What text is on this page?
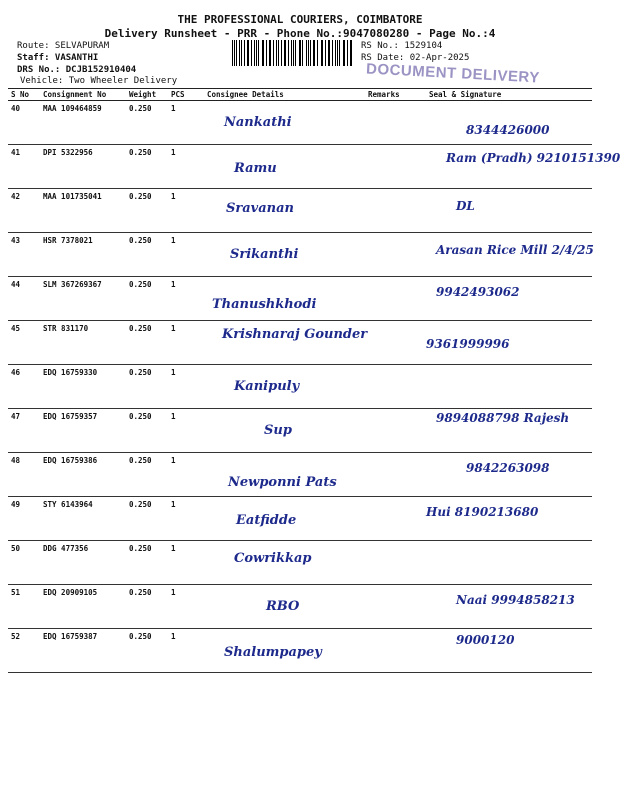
THE PROFESSIONAL COURIERS, COIMBATORE
Delivery Runsheet - PRR - Phone No.:9047080280 - Page No.:4
Route: SELVAPURAM
Staff: VASANTHI
DRS No.: DCJB152910404
Vehicle: Two Wheeler Delivery
RS No.: 1529104
RS Date: 02-Apr-2025
DOCUMENT DELIVERY
S No	Consignment No	Weight	PCS	Consignee Details	Remarks	Seal & Signature
40	MAA 109464859	0.250	1	Nankathi		8344426000

41	DPI 5322956	0.250	1	Ramu		Ram (Pradh) 9210151390

42	MAA 101735041	0.250	1	Sravanan		DL

43	HSR 7378021	0.250	1	Srikanthi		Arasan Rice Mill 2/4/25

44	SLM 367269367	0.250	1	Thanushkhodi		9942493062

45	STR 831170	0.250	1	Krishnaraj Gounder		9361999996

46	EDQ 16759330	0.250	1	Kanipuly		

47	EDQ 16759357	0.250	1	Sup		9894088798 Rajesh

48	EDQ 16759386	0.250	1	Newponni Pats		9842263098

49	STY 6143964	0.250	1	Eatfidde		Hui 8190213680

50	DDG 477356	0.250	1	Cowrikkap		

51	EDQ 20909105	0.250	1	RBO		Naai 9994858213

52	EDQ 16759387	0.250	1	Shalumpapey		9000120
